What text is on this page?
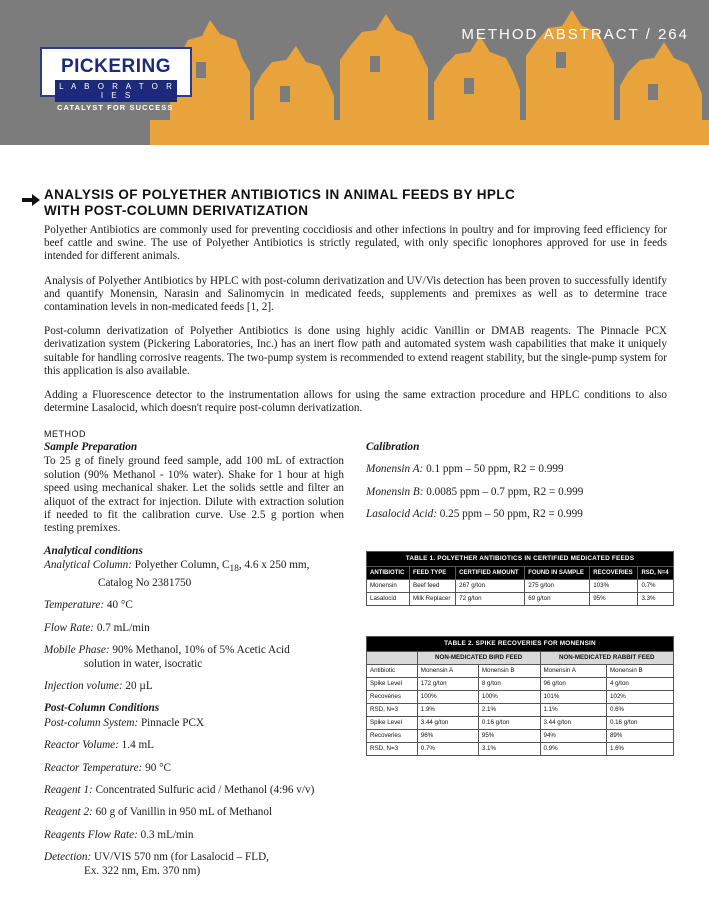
METHOD ABSTRACT / 264
PICKERING
L A B O R A T O R I E S
CATALYST FOR SUCCESS
ANALYSIS OF POLYETHER ANTIBIOTICS IN ANIMAL FEEDS BY HPLC
WITH POST-COLUMN DERIVATIZATION

Polyether Antibiotics are commonly used for preventing coccidiosis and other infections in poultry and for improving feed efficiency for beef cattle and swine. The use of Polyether Antibiotics is strictly regulated, with only specific ionophores approved for use in feeds intended for different animals.

Analysis of Polyether Antibiotics by HPLC with post-column derivatization and UV/Vis detection has been proven to successfully identify and quantify Monensin, Narasin and Salinomycin in medicated feeds, supplements and premixes as well as to determine trace contamination levels in non-medicated feeds [1, 2].

Post-column derivatization of Polyether Antibiotics is done using highly acidic Vanillin or DMAB reagents. The Pinnacle PCX derivatization system (Pickering Laboratories, Inc.) has an inert flow path and automated system wash capabilities that make it uniquely suitable for handling corrosive reagents. The two-pump system is recommended to extend reagent stability, but the single-pump system for this application is also available.

Adding a Fluorescence detector to the instrumentation allows for using the same extraction procedure and HPLC conditions to also determine Lasalocid, which doesn't require post-column derivatization.

METHOD
Sample Preparation
To 25 g of finely ground feed sample, add 100 mL of extraction solution (90% Methanol - 10% water). Shake for 1 hour at high speed using mechanical shaker. Let the solids settle and filter an aliquot of the extract for injection. Dilute with extraction solution if needed to fit the calibration curve. Use 2.5 g portion when testing premixes.
Analytical conditions
Analytical Column: Polyether Column, $C_{18}$, 4.6 x 250 mm,
Catalog No 2381750
Temperature: 40 °C
Flow Rate: 0.7 mL/min
Mobile Phase: 90% Methanol, 10% of 5% Acetic Acid
solution in water, isocratic
Injection volume: 20 µL
Post-Column Conditions
Post-column System: Pinnacle PCX
Reactor Volume: 1.4 mL
Reactor Temperature: 90 °C
Reagent 1: Concentrated Sulfuric acid / Methanol (4:96 v/v)
Reagent 2: 60 g of Vanillin in 950 mL of Methanol
Reagents Flow Rate: 0.3 mL/min
Detection: UV/VIS 570 nm (for Lasalocid – FLD,
Ex. 322 nm, Em. 370 nm)
Calibration
Monensin A: 0.1 ppm – 50 ppm, R2 = 0.999
Monensin B: 0.0085 ppm – 0.7 ppm, R2 = 0.999
Lasalocid Acid: 0.25 ppm – 50 ppm, R2 = 0.999
TABLE 1. POLYETHER ANTIBIOTICS IN CERTIFIED MEDICATED FEEDS					
ANTIBIOTIC	FEED TYPE	CERTIFIED AMOUNT	FOUND IN SAMPLE	RECOVERIES	RSD, N=4
Monensin	Beef feed	267 g/ton	275 g/ton	103%	0.7%
Lasalocid	Milk Replacer	72 g/ton	69 g/ton	95%	3.3%
TABLE 2. SPIKE RECOVERIES FOR MONENSIN				
	NON-MEDICATED BIRD FEED		NON-MEDICATED RABBIT FEED	
Antibiotic	Monensin A	Monensin B	Monensin A	Monensin B
Spike Level	172 g/ton	8 g/ton	96 g/ton	4 g/ton
Recoveries	100%	100%	101%	102%
RSD, N=3	1.9%	2.1%	1.1%	0.6%
Spike Level	3.44 g/ton	0.16 g/ton	3.44 g/ton	0.16 g/ton
Recoveries	96%	95%	94%	89%
RSD, N=3	0.7%	3.1%	0.9%	1.6%
